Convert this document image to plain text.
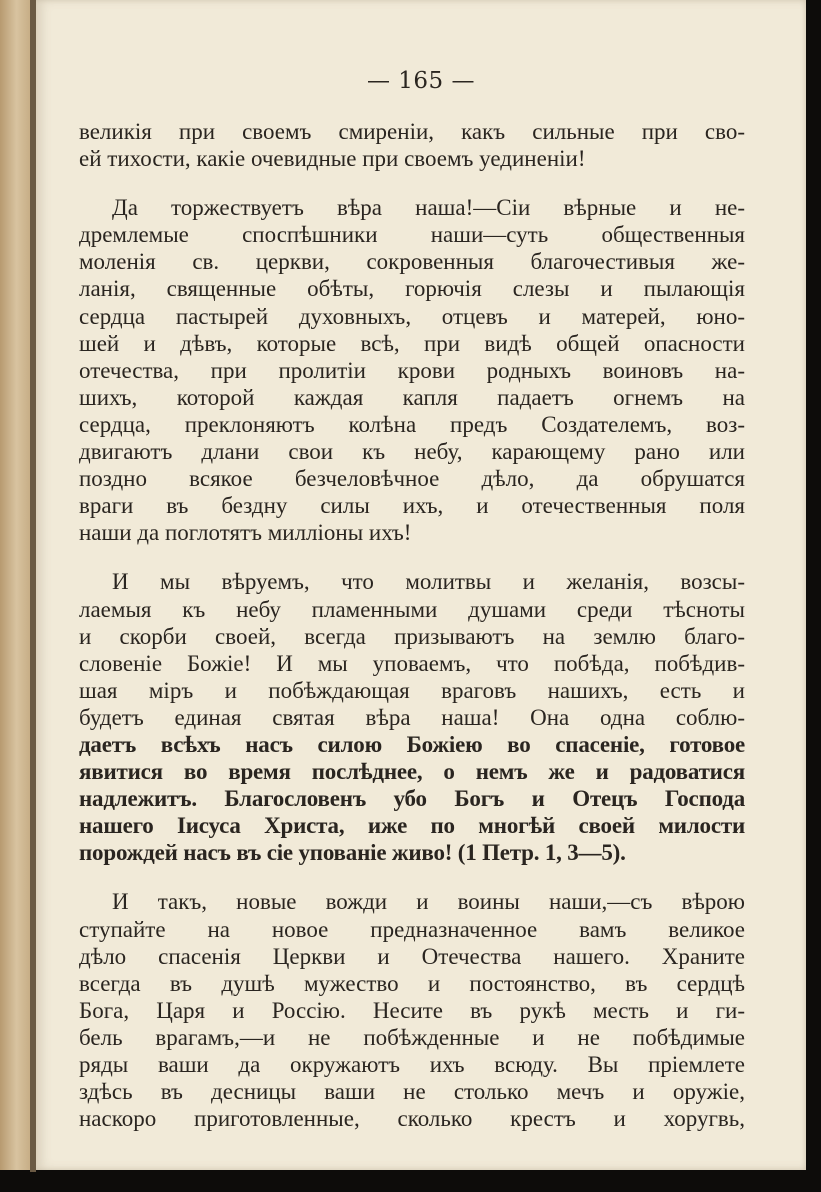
— 165 —
великія при своемъ смиреніи, какъ сильные при сво-
ей тихости, какіе очевидные при своемъ уединеніи!
Да торжествуетъ вѣра наша!—Сіи вѣрные и не-
дремлемые споспѣшники наши—суть общественныя
моленія св. церкви, сокровенныя благочестивыя же-
ланія, священные обѣты, горючія слезы и пылающія
сердца пастырей духовныхъ, отцевъ и матерей, юно-
шей и дѣвъ, которые всѣ, при видѣ общей опасности
отечества, при пролитіи крови родныхъ воиновъ на-
шихъ, которой каждая капля падаетъ огнемъ на
сердца, преклоняютъ колѣна предъ Создателемъ, воз-
двигаютъ длани свои къ небу, карающему рано или
поздно всякое безчеловѣчное дѣло, да обрушатся
враги въ бездну силы ихъ, и отечественныя поля
наши да поглотятъ милліоны ихъ!
И мы вѣруемъ, что молитвы и желанія, возсы-
лаемыя къ небу пламенными душами среди тѣсноты
и скорби своей, всегда призываютъ на землю благо-
словеніе Божіе! И мы уповаемъ, что побѣда, побѣдив-
шая міръ и побѣждающая враговъ нашихъ, есть и
будетъ единая святая вѣра наша! Она одна соблю-
даетъ всѣхъ насъ силою Божіею во спасеніе, готовое
явитися во время послѣднее, о немъ же и радоватися
надлежитъ. Благословенъ убо Богъ и Отецъ Господа
нашего Іисуса Христа, иже по многѣй своей милости
порождей насъ въ сіе упованіе живо! (1 Петр. 1, 3—5).
И такъ, новые вожди и воины наши,—съ вѣрою
ступайте на новое предназначенное вамъ великое
дѣло спасенія Церкви и Отечества нашего. Храните
всегда въ душѣ мужество и постоянство, въ сердцѣ
Бога, Царя и Россію. Несите въ рукѣ месть и ги-
бель врагамъ,—и не побѣжденные и не побѣдимые
ряды ваши да окружаютъ ихъ всюду. Вы пріемлете
здѣсь въ десницы ваши не столько мечъ и оружіе,
наскоро приготовленные, сколько крестъ и хоругвь,
